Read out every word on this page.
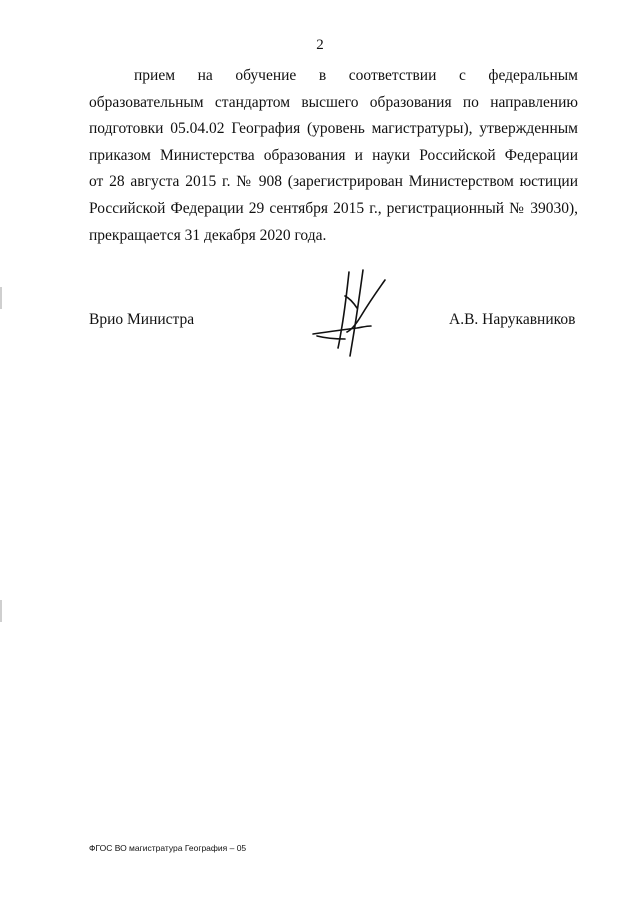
2
прием на обучение в соответствии с федеральным
образовательным стандартом высшего образования по направлению
подготовки 05.04.02 География (уровень магистратуры), утвержденным
приказом Министерства образования и науки Российской Федерации
от 28 августа 2015 г. № 908 (зарегистрирован Министерством юстиции
Российской Федерации 29 сентября 2015 г., регистрационный № 39030),
прекращается 31 декабря 2020 года.
Врио Министра	А.В. Нарукавников
ФГОС ВО магистратура География – 05
